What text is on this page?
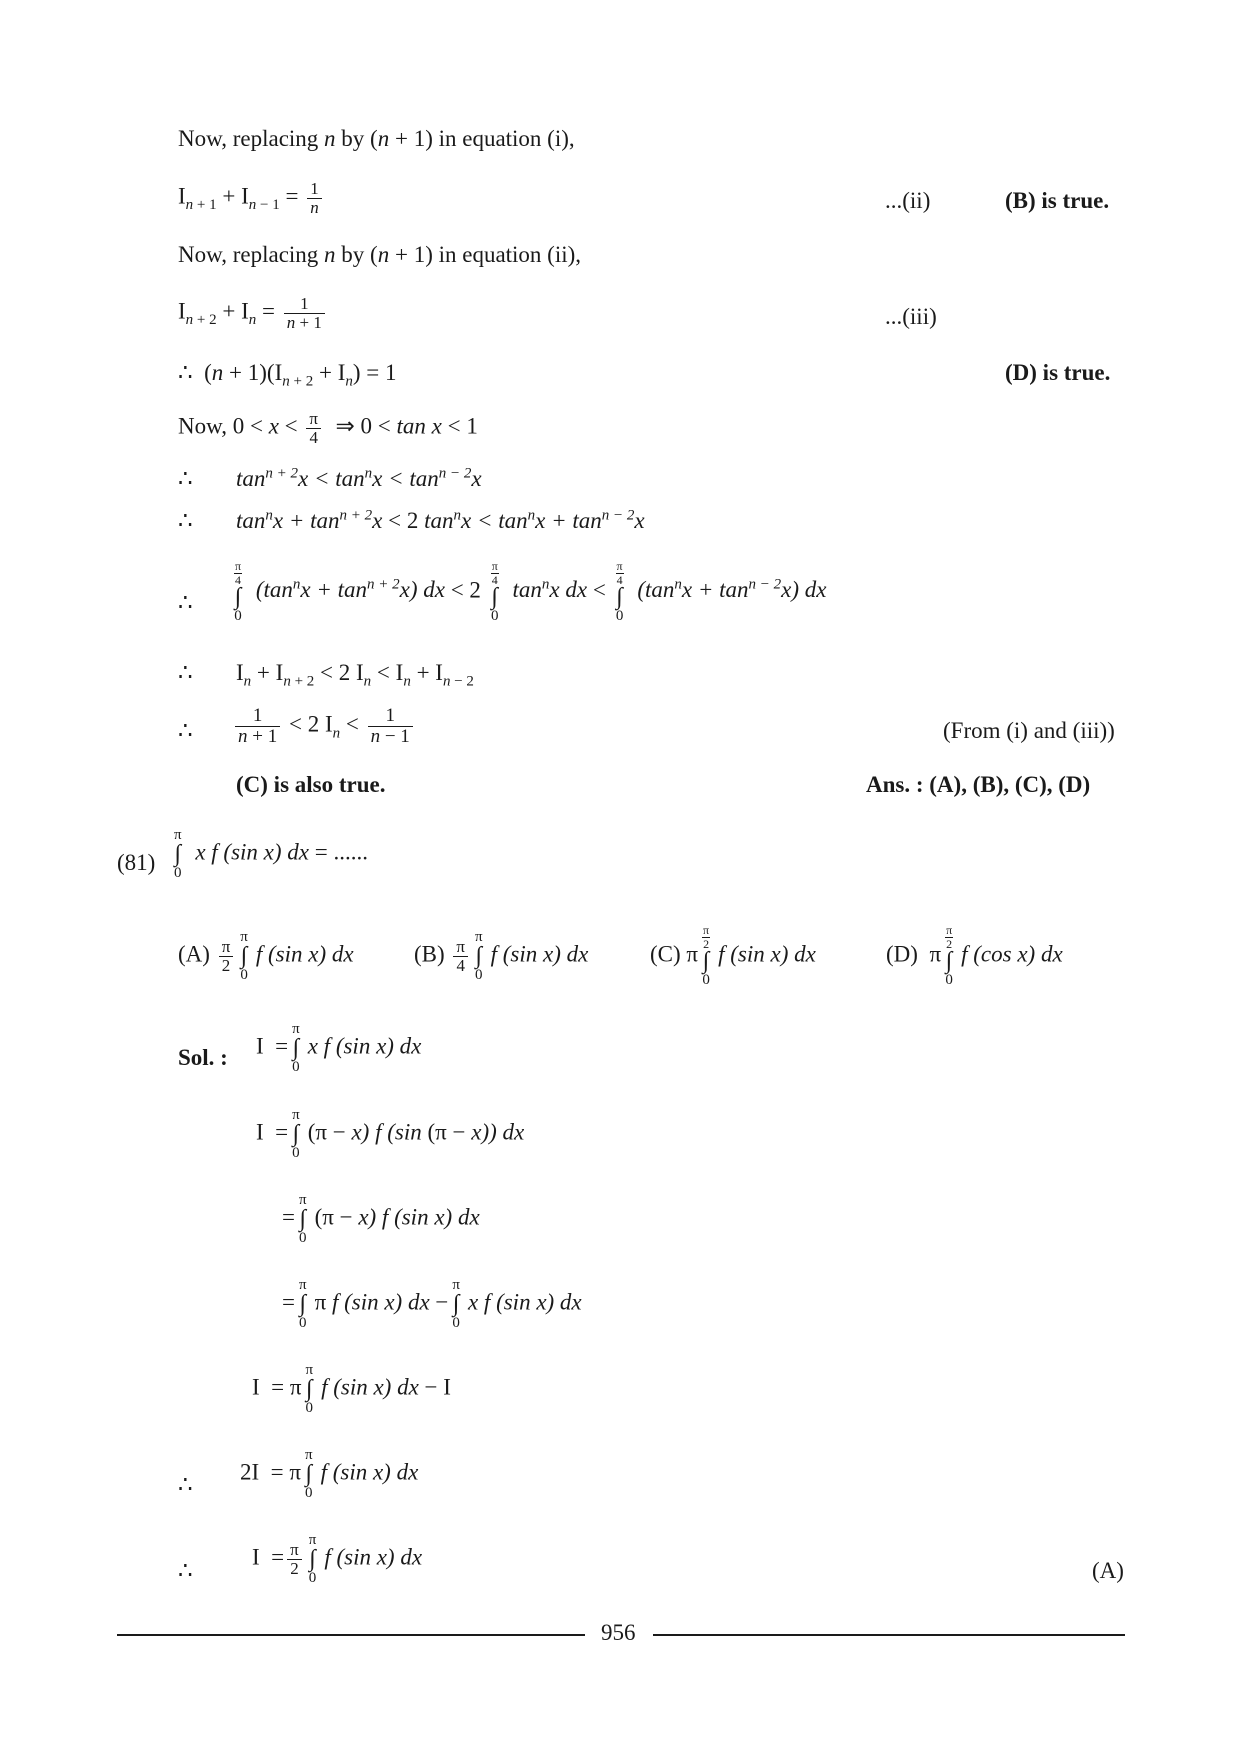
Now, replacing n by (n + 1) in equation (i),
$I_{n + 1} + I_{n - 1} = \frac{1}{n}$	...(ii)	(B) is true.
Now, replacing n by (n + 1) in equation (ii),
$I_{n + 2} + I_n = \frac{1}{n + 1}$	...(iii)
∴  $(n + 1)(I_{n + 2} + I_n) = 1$	(D) is true.
Now, $0 < x < \frac{\pi}{4}$ ⇒ 0 < tan x < 1
∴ $\tan^{n + 2}x < \tan^nx < \tan^{n - 2}x$
∴ $\tan^nx + \tan^{n + 2}x < 2$ $\tan^nx < \tan^nx + \tan^{n - 2}x$
∴
$\frac{\pi}{4}$
∫
0
$(\tan^nx + \tan^{n + 2}x)$ dx < 2
$\frac{\pi}{4}$
∫
0
$\tan^nx$ dx <
$\frac{\pi}{4}$
∫
0
$(\tan^nx + \tan^{n - 2}x)$ dx
∴ $I_n + I_{n + 2} < 2$ $I_n < I_n + I_{n - 2}$
∴ $\frac{1}{n + 1} < 2$ $I_n < \frac{1}{n - 1}$	(From (i) and (iii))
(C) is also true.	Ans. : (A), (B), (C), (D)
(81)
π
∫
0
x f (sin x) dx = ......
$(A) \frac{\pi}{2}$
π
∫
0
f (sin x) dx	$(B) \frac{\pi}{4}$
π
∫
0
f (sin x) dx	(C) π
$\frac{\pi}{2}$
∫
0
f (sin x) dx	(D)  π
$\frac{\pi}{2}$
∫
0
f (cos x) dx
Sol. : I  =
π
∫
0
x f (sin x) dx
I  =
π
∫
0
(π − x) f (sin (π − x)) dx
=
π
∫
0
(π − x) f (sin x) dx
=
π
∫
0
π f (sin x) dx −
π
∫
0
x f (sin x) dx
I  = π
π
∫
0
f (sin x) dx − I
∴ 2I  = π
π
∫
0
f (sin x) dx
∴
$I = \frac{\pi}{2}$
π
∫
0
f (sin x) dx
(A)
956
